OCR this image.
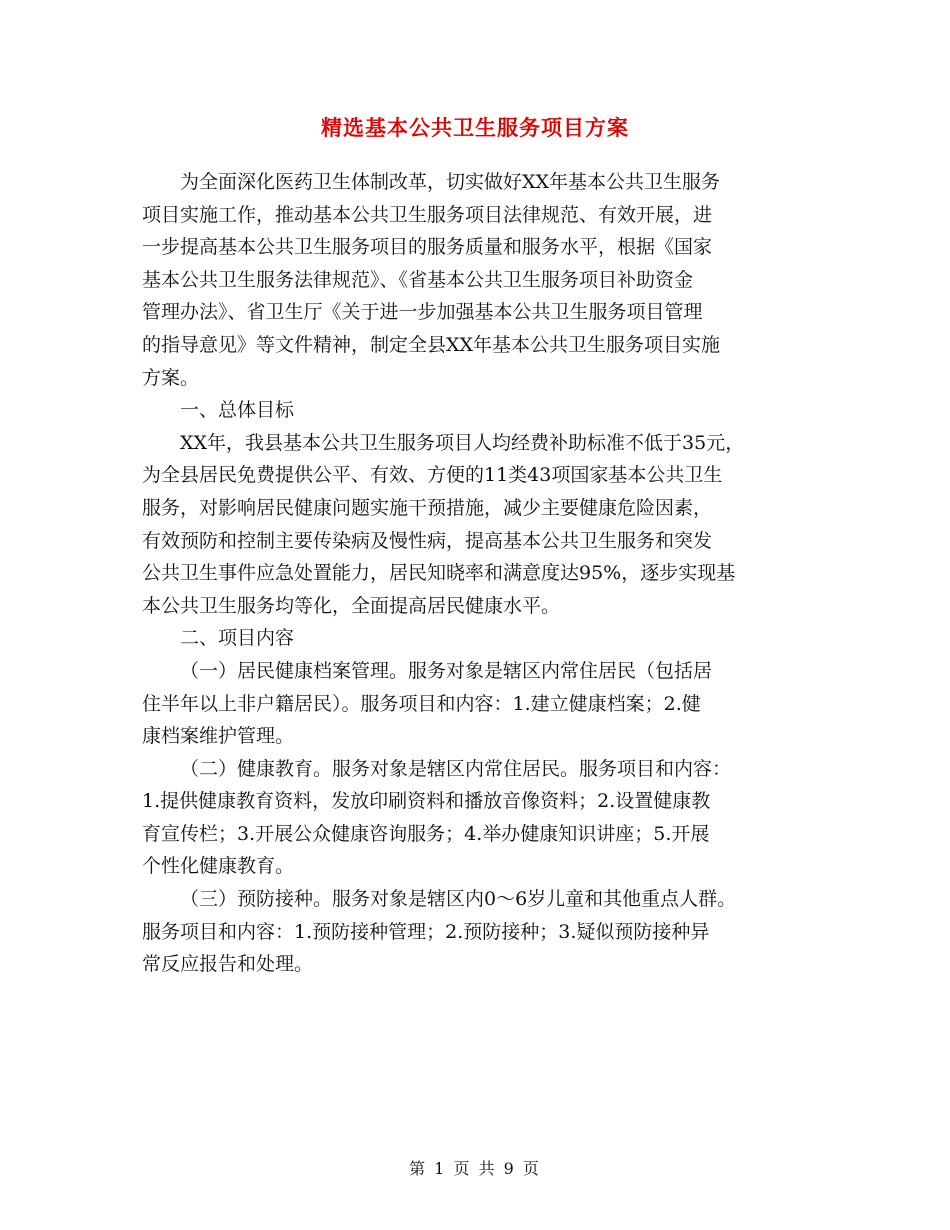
精选基本公共卫生服务项目方案
为全面深化医药卫生体制改革，切实做好XX年基本公共卫生服务
项目实施工作，推动基本公共卫生服务项目法律规范、有效开展，进
一步提高基本公共卫生服务项目的服务质量和服务水平，根据《国家
基本公共卫生服务法律规范》、《省基本公共卫生服务项目补助资金
管理办法》、省卫生厅《关于进一步加强基本公共卫生服务项目管理
的指导意见》等文件精神，制定全县XX年基本公共卫生服务项目实施
方案。
一、总体目标
XX年，我县基本公共卫生服务项目人均经费补助标准不低于35元，
为全县居民免费提供公平、有效、方便的11类43项国家基本公共卫生
服务，对影响居民健康问题实施干预措施，减少主要健康危险因素，
有效预防和控制主要传染病及慢性病，提高基本公共卫生服务和突发
公共卫生事件应急处置能力，居民知晓率和满意度达95%，逐步实现基
本公共卫生服务均等化，全面提高居民健康水平。
二、项目内容
（一）居民健康档案管理。服务对象是辖区内常住居民（包括居
住半年以上非户籍居民）。服务项目和内容：1.建立健康档案；2.健
康档案维护管理。
（二）健康教育。服务对象是辖区内常住居民。服务项目和内容：
1.提供健康教育资料，发放印刷资料和播放音像资料；2.设置健康教
育宣传栏；3.开展公众健康咨询服务；4.举办健康知识讲座；5.开展
个性化健康教育。
（三）预防接种。服务对象是辖区内0～6岁儿童和其他重点人群。
服务项目和内容：1.预防接种管理；2.预防接种；3.疑似预防接种异
常反应报告和处理。
第 1 页 共 9 页
